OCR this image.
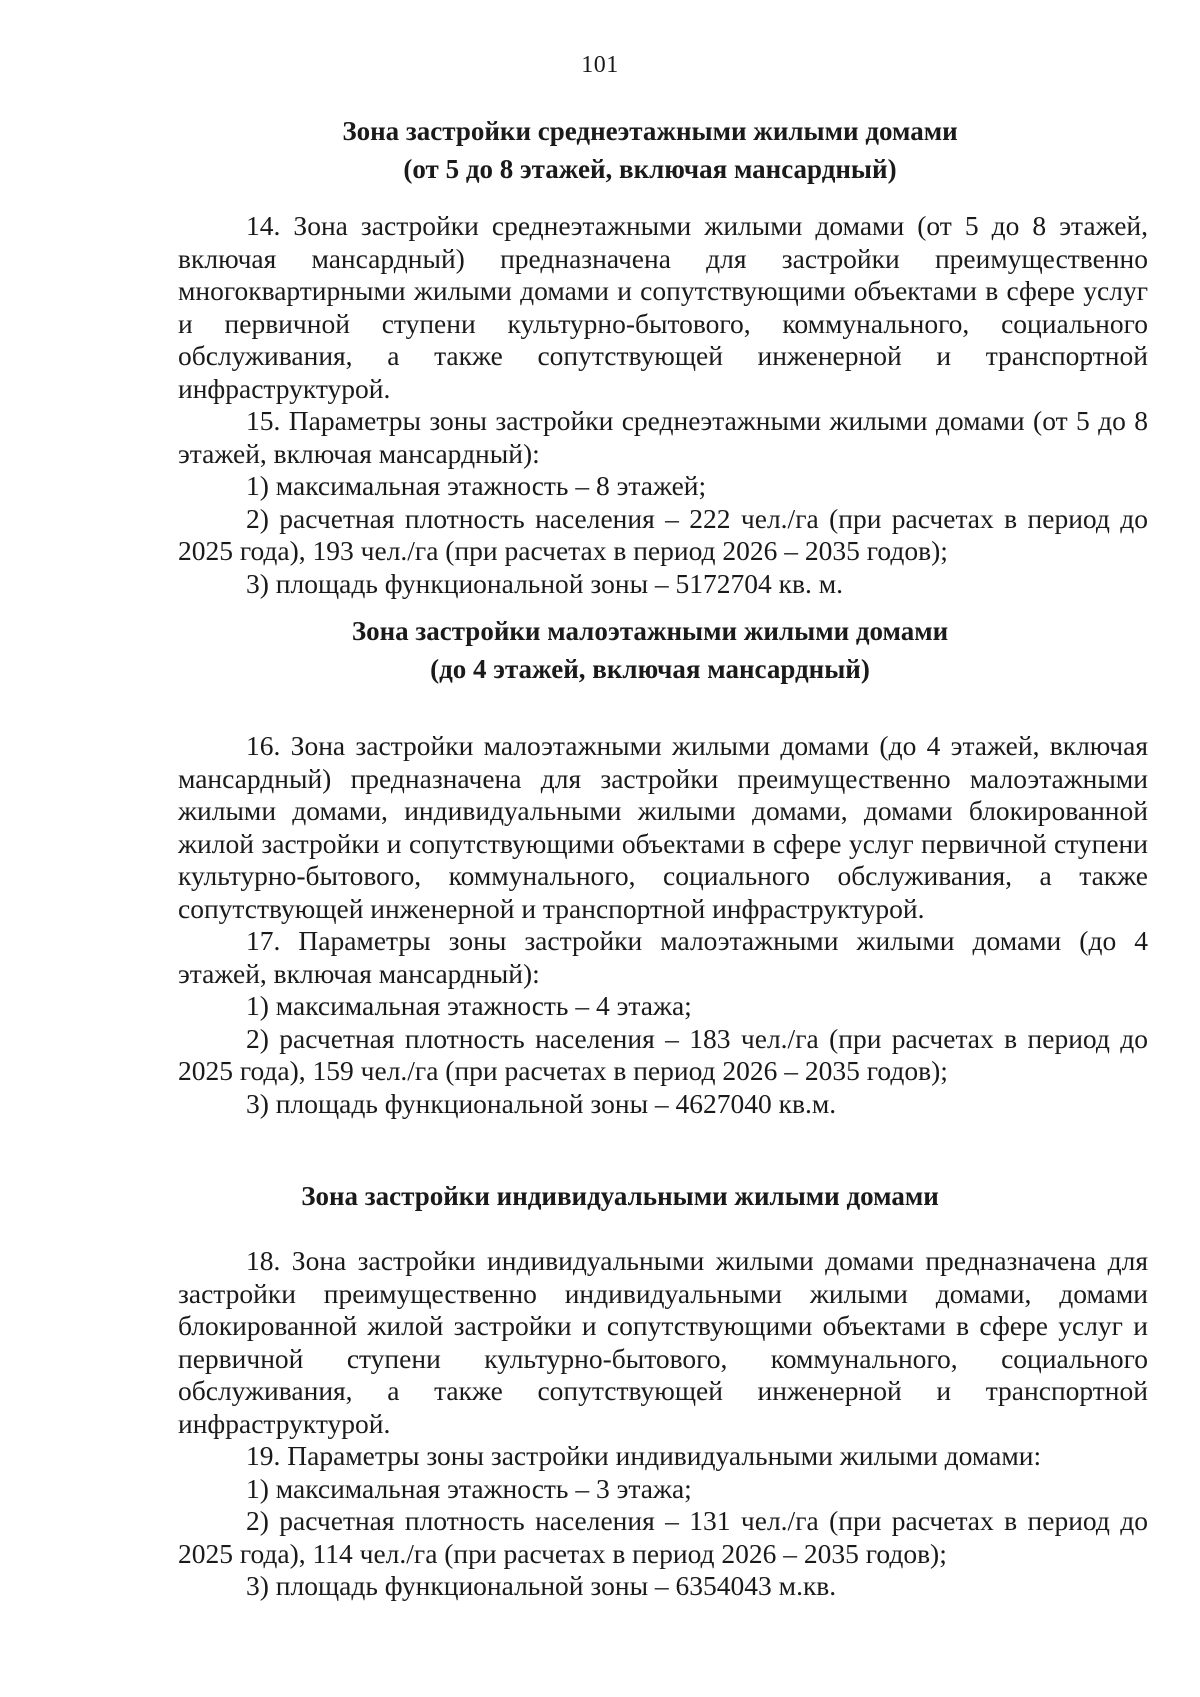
101
Зона застройки среднеэтажными жилыми домами
(от 5 до 8 этажей, включая мансардный)

14. Зона застройки среднеэтажными жилыми домами (от 5 до 8 этажей, включая мансардный) предназначена для застройки преимущественно многоквартирными жилыми домами и сопутствующими объектами в сфере услуг и первичной ступени культурно-бытового, коммунального, социального обслуживания, а также сопутствующей инженерной и транспортной инфраструктурой.

15. Параметры зоны застройки среднеэтажными жилыми домами (от 5 до 8 этажей, включая мансардный):

1) максимальная этажность – 8 этажей;

2) расчетная плотность населения – 222 чел./га (при расчетах в период до 2025 года), 193 чел./га (при расчетах в период 2026 – 2035 годов);

3) площадь функциональной зоны – 5172704 кв. м.

Зона застройки малоэтажными жилыми домами
(до 4 этажей, включая мансардный)

16. Зона застройки малоэтажными жилыми домами (до 4 этажей, включая мансардный) предназначена для застройки преимущественно малоэтажными жилыми домами, индивидуальными жилыми домами, домами блокированной жилой застройки и сопутствующими объектами в сфере услуг первичной ступени культурно-бытового, коммунального, социального обслуживания, а также сопутствующей инженерной и транспортной инфраструктурой.

17. Параметры зоны застройки малоэтажными жилыми домами (до 4 этажей, включая мансардный):

1) максимальная этажность – 4 этажа;

2) расчетная плотность населения – 183 чел./га (при расчетах в период до 2025 года), 159 чел./га (при расчетах в период 2026 – 2035 годов);

3) площадь функциональной зоны – 4627040 кв.м.

Зона застройки индивидуальными жилыми домами

18. Зона застройки индивидуальными жилыми домами предназначена для застройки преимущественно индивидуальными жилыми домами, домами блокированной жилой застройки и сопутствующими объектами в сфере услуг и первичной ступени культурно-бытового, коммунального, социального обслуживания, а также сопутствующей инженерной и транспортной инфраструктурой.

19. Параметры зоны застройки индивидуальными жилыми домами:

1) максимальная этажность – 3 этажа;

2) расчетная плотность населения – 131 чел./га (при расчетах в период до 2025 года), 114 чел./га (при расчетах в период 2026 – 2035 годов);

3) площадь функциональной зоны – 6354043 м.кв.
